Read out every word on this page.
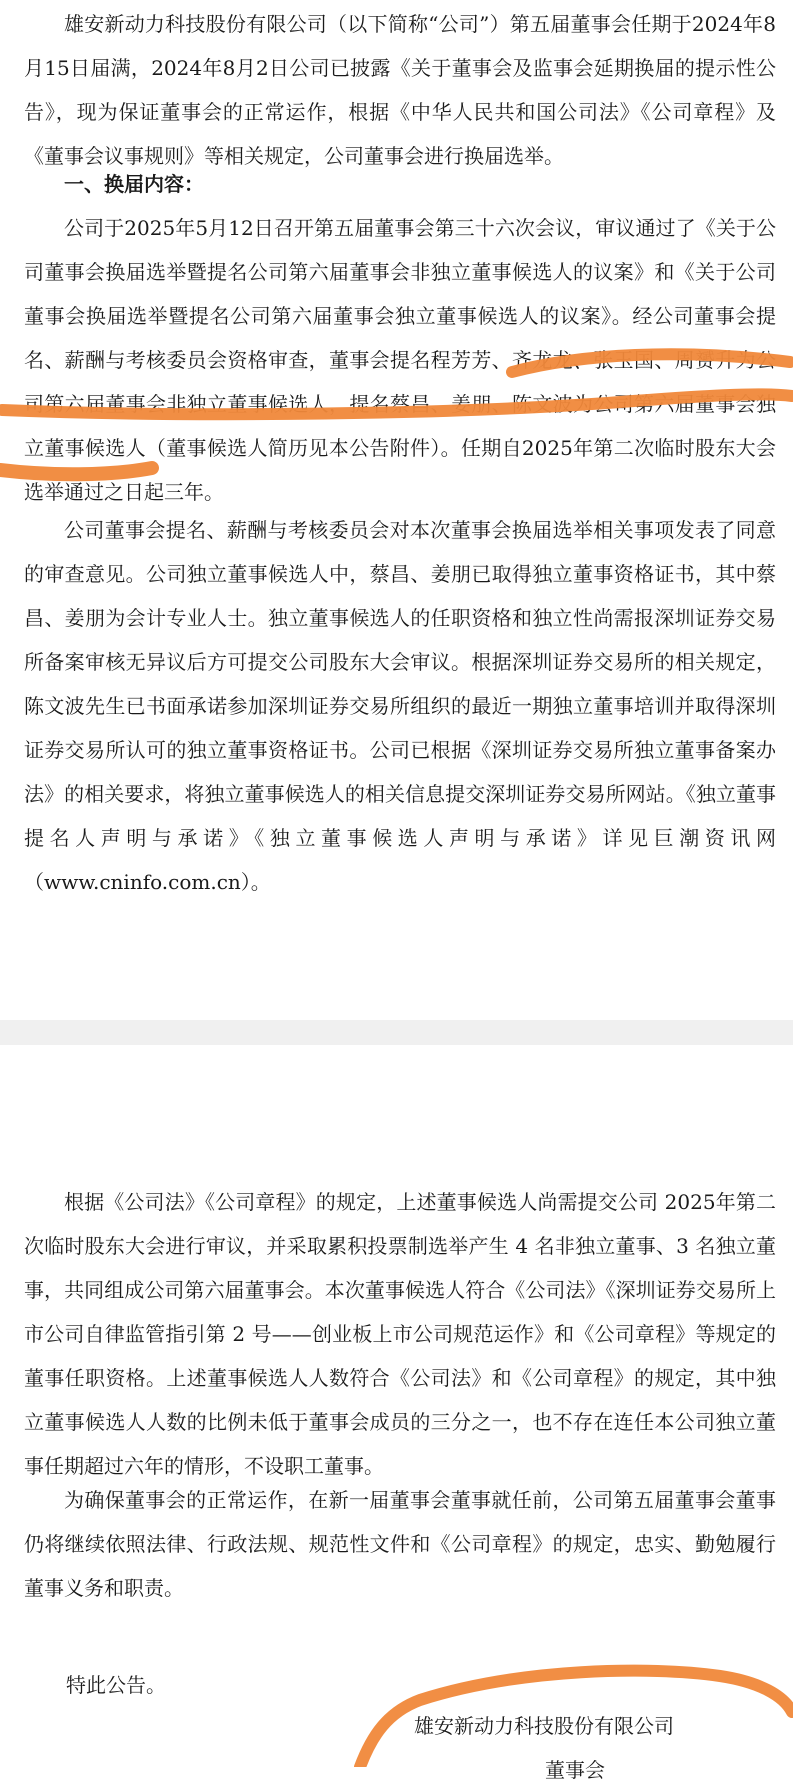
雄安新动力科技股份有限公司（以下简称“公司”）第五届董事会任期于2024年8月15日届满，2024年8月2日公司已披露《关于董事会及监事会延期换届的提示性公告》，现为保证董事会的正常运作，根据《中华人民共和国公司法》《公司章程》及《董事会议事规则》等相关规定，公司董事会进行换届选举。

一、换届内容：

公司于2025年5月12日召开第五届董事会第三十六次会议，审议通过了《关于公司董事会换届选举暨提名公司第六届董事会非独立董事候选人的议案》和《关于公司董事会换届选举暨提名公司第六届董事会独立董事候选人的议案》。经公司董事会提名、薪酬与考核委员会资格审查，董事会提名程芳芳、齐龙龙、张玉国、周赟升为公司第六届董事会非独立董事候选人，提名蔡昌、姜朋、陈文波为公司第六届董事会独立董事候选人（董事候选人简历见本公告附件）。任期自2025年第二次临时股东大会选举通过之日起三年。

公司董事会提名、薪酬与考核委员会对本次董事会换届选举相关事项发表了同意的审查意见。公司独立董事候选人中，蔡昌、姜朋已取得独立董事资格证书，其中蔡昌、姜朋为会计专业人士。独立董事候选人的任职资格和独立性尚需报深圳证券交易所备案审核无异议后方可提交公司股东大会审议。根据深圳证券交易所的相关规定，陈文波先生已书面承诺参加深圳证券交易所组织的最近一期独立董事培训并取得深圳证券交易所认可的独立董事资格证书。公司已根据《深圳证券交易所独立董事备案办法》的相关要求，将独立董事候选人的相关信息提交深圳证券交易所网站。《独立董事提名人声明与承诺》《独立董事候选人声明与承诺》详见巨潮资讯网（www.cninfo.com.cn）。

根据《公司法》《公司章程》的规定，上述董事候选人尚需提交公司 2025年第二次临时股东大会进行审议，并采取累积投票制选举产生 4 名非独立董事、3 名独立董事，共同组成公司第六届董事会。本次董事候选人符合《公司法》《深圳证券交易所上市公司自律监管指引第 2 号——创业板上市公司规范运作》和《公司章程》等规定的董事任职资格。上述董事候选人人数符合《公司法》和《公司章程》的规定，其中独立董事候选人人数的比例未低于董事会成员的三分之一，也不存在连任本公司独立董事任期超过六年的情形，不设职工董事。

为确保董事会的正常运作，在新一届董事会董事就任前，公司第五届董事会董事仍将继续依照法律、行政法规、规范性文件和《公司章程》的规定，忠实、勤勉履行董事义务和职责。

特此公告。

雄安新动力科技股份有限公司

董事会
